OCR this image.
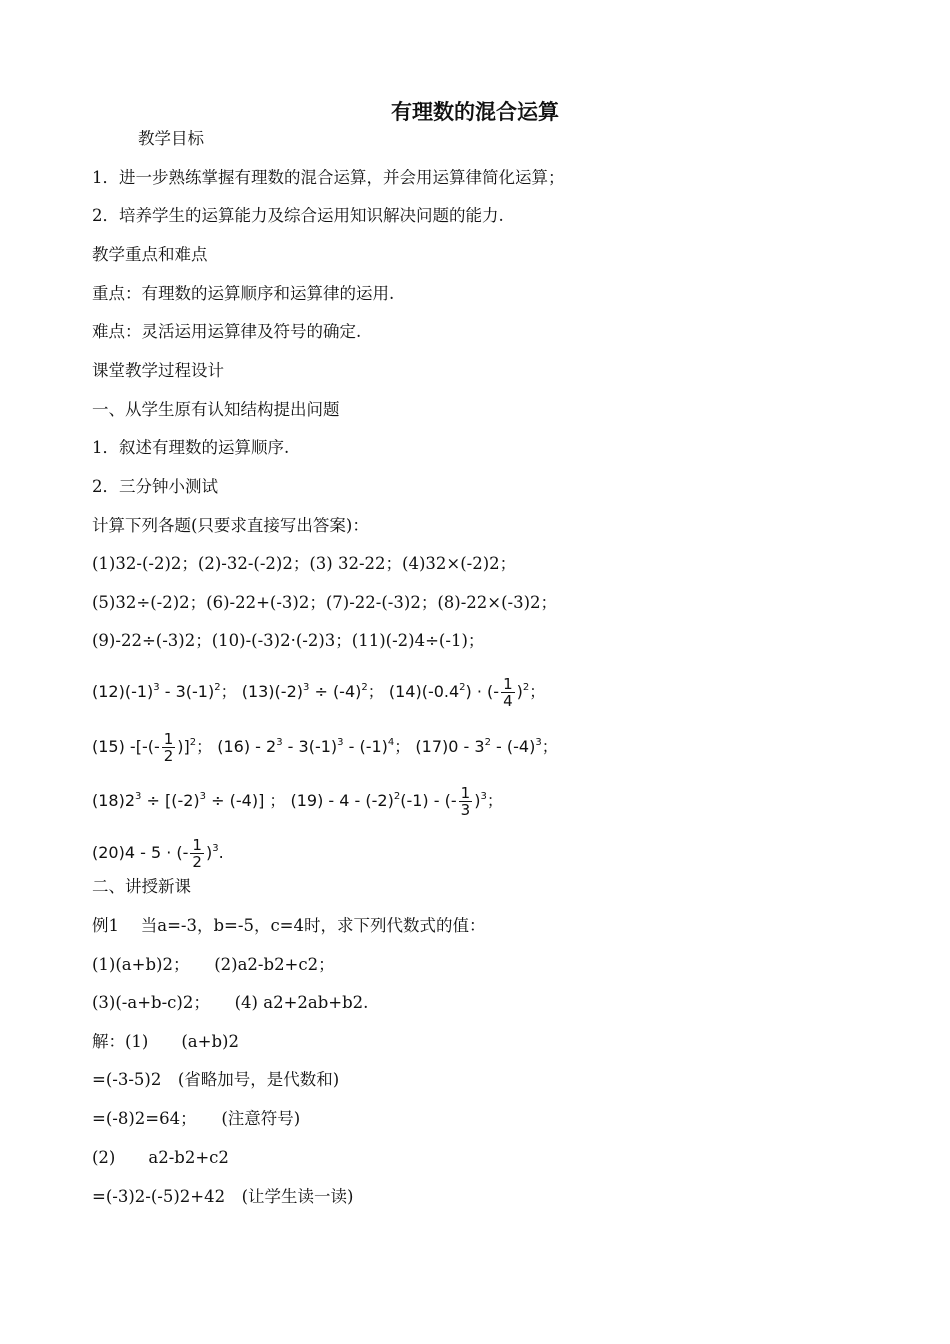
有理数的混合运算
教学目标
1．进一步熟练掌握有理数的混合运算，并会用运算律简化运算；
2．培养学生的运算能力及综合运用知识解决问题的能力.
教学重点和难点
重点：有理数的运算顺序和运算律的运用.
难点：灵活运用运算律及符号的确定.
课堂教学过程设计
一、从学生原有认知结构提出问题
1．叙述有理数的运算顺序.
2．三分钟小测试
计算下列各题(只要求直接写出答案)：
(1)32-(-2)2；(2)-32-(-2)2；(3) 32-22；(4)32×(-2)2；
(5)32÷(-2)2；(6)-22+(-3)2；(7)-22-(-3)2；(8)-22×(-3)2；
(9)-22÷(-3)2；(10)-(-3)2·(-2)3；(11)(-2)4÷(-1)；
$(12)(-1)^3 - 3(-1)^2$； $(13)(-2)^3 \div (-4)^2$； $(14)(-0.4^2)$ · (- $\frac{1}{4} )^2$；
(15) -[-(- $\frac{1}{2} )]^2$； $(16) - 2^3 - 3(-1)^3 - (-1)^4$； $(17)0 - 3^2 - (-4)^3$；
$(18)2^3 \div [(-2)^3 \div (-4)]$ ； $(19) - 4 - (-2)^2(-1)$ - (- $\frac{1}{3} )^3$；
(20)4 - 5 · (- $\frac{1}{2} )^3$.
二、讲授新课
例1　 当a=-3，b=-5，c=4时，求下列代数式的值：
(1)(a+b)2；　　(2)a2-b2+c2；
(3)(-a+b-c)2；　　(4) a2+2ab+b2.
解：(1)　　(a+b)2
=(-3-5)2　(省略加号，是代数和)
=(-8)2=64；　　(注意符号)
(2)　　a2-b2+c2
=(-3)2-(-5)2+42　(让学生读一读)
